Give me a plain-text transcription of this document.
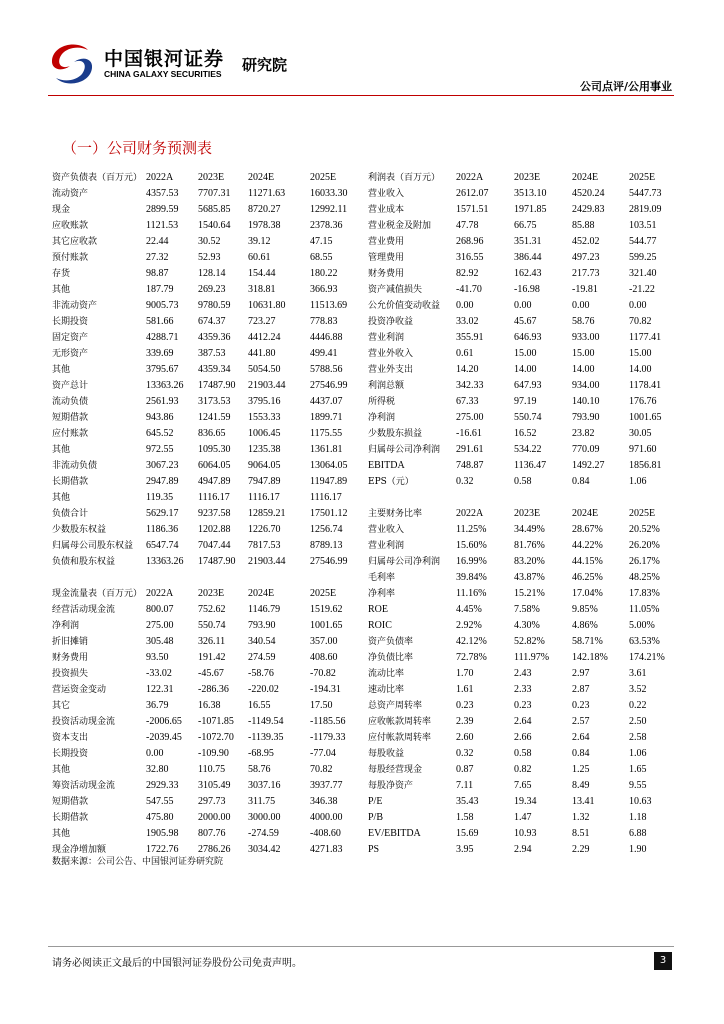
中国银河证券
CHINA GALAXY SECURITIES 研究院
公司点评/公用事业
（一）公司财务预测表
资产负债表（百万元） 2022A 2023E 2024E	2025E	利润表（百万元） 2022A	2023E	2024E	2025E
流动资产	4357.53 7707.31 11271.63 16033.30 营业收入	2612.07	3513.10	4520.24 5447.73
现金	2899.59 5685.85 8720.27	12992.11 营业成本	1571.51	1971.85	2429.83 2819.09
应收账款	1121.53 1540.64 1978.38	2378.36	营业税金及附加 47.78	66.75	85.88	103.51
其它应收款	22.44	30.52	39.12	47.15	营业费用	268.96	351.31	452.02	544.77
预付账款	27.32	52.93	60.61	68.55	管理费用	316.55	386.44	497.23	599.25
存货	98.87	128.14 154.44	180.22	财务费用	82.92	162.43	217.73	321.40
其他	187.79 269.23 318.81	366.93	资产减值损失	-41.70	-16.98	-19.81	-21.22
非流动资产	9005.73 9780.59 10631.80 11513.69 公允价值变动收益 0.00	0.00	0.00	0.00
长期投资	581.66 674.37 723.27	778.83	投资净收益	33.02	45.67	58.76	70.82
固定资产	4288.71 4359.36 4412.24	4446.88	营业利润	355.91	646.93	933.00	1177.41
无形资产	339.69 387.53 441.80	499.41	营业外收入	0.61	15.00	15.00	15.00
其他	3795.67 4359.34 5054.50	5788.56	营业外支出	14.20	14.00	14.00	14.00
资产总计	13363.26 17487.90 21903.44 27546.99 利润总额	342.33	647.93	934.00	1178.41
流动负债	2561.93 3173.53 3795.16	4437.07	所得税	67.33	97.19	140.10	176.76
短期借款	943.86 1241.59 1553.33	1899.71	净利润	275.00	550.74	793.90	1001.65
应付账款	645.52 836.65 1006.45	1175.55	少数股东损益	-16.61	16.52	23.82	30.05
其他	972.55 1095.30 1235.38	1361.81	归属母公司净利润 291.61	534.22	770.09	971.60
非流动负债	3067.23 6064.05 9064.05	13064.05 EBITDA	748.87	1136.47	1492.27 1856.81
长期借款	2947.89 4947.89 7947.89	11947.89 EPS（元）	0.32	0.58	0.84	1.06
其他	119.35 1116.17 1116.17	1116.17
负债合计	5629.17 9237.58 12859.21 17501.12 主要财务比率	2022A	2023E	2024E	2025E
少数股东权益	1186.36 1202.88 1226.70	1256.74	营业收入	11.25%	34.49%	28.67%	20.52%
归属母公司股东权益 6547.74 7047.44 7817.53	8789.13	营业利润	15.60%	81.76%	44.22%	26.20%
负债和股东权益	13363.26 17487.90 21903.44 27546.99 归属母公司净利润 16.99%	83.20%	44.15%	26.17%
毛利率	39.84%	43.87%	46.25%	48.25%
现金流量表（百万元） 2022A 2023E 2024E	2025E	净利率	11.16%	15.21%	17.04%	17.83%
经营活动现金流	800.07 752.62 1146.79	1519.62	ROE	4.45%	7.58%	9.85%	11.05%
净利润	275.00 550.74 793.90	1001.65	ROIC	2.92%	4.30%	4.86%	5.00%
折旧摊销	305.48 326.11 340.54	357.00	资产负债率	42.12%	52.82%	58.71%	63.53%
财务费用	93.50	191.42 274.59	408.60	净负债比率	72.78%	111.97% 142.18% 174.21%
投资损失	-33.02	-45.67 -58.76	-70.82	流动比率	1.70	2.43	2.97	3.61
营运资金变动	122.31 -286.36 -220.02	-194.31	速动比率	1.61	2.33	2.87	3.52
其它	36.79	16.38	16.55	17.50	总资产周转率	0.23	0.23	0.23	0.22
投资活动现金流	-2006.65 -1071.85 -1149.54	-1185.56	应收帐款周转率 2.39	2.64	2.57	2.50
资本支出	-2039.45 -1072.70 -1139.35	-1179.33	应付帐款周转率 2.60	2.66	2.64	2.58
长期投资	0.00	-109.90 -68.95	-77.04	每股收益	0.32	0.58	0.84	1.06
其他	32.80	110.75 58.76	70.82	每股经营现金	0.87	0.82	1.25	1.65
筹资活动现金流	2929.33 3105.49 3037.16	3937.77	每股净资产	7.11	7.65	8.49	9.55
短期借款	547.55 297.73 311.75	346.38	P/E	35.43	19.34	13.41	10.63
长期借款	475.80 2000.00 3000.00	4000.00	P/B	1.58	1.47	1.32	1.18
其他	1905.98 807.76 -274.59	-408.60	EV/EBITDA	15.69	10.93	8.51	6.88
现金净增加额	1722.76 2786.26 3034.42	4271.83	PS	3.95	2.94	2.29	1.90
数据来源：公司公告、中国银河证券研究院
请务必阅读正文最后的中国银河证券股份公司免责声明。	3
